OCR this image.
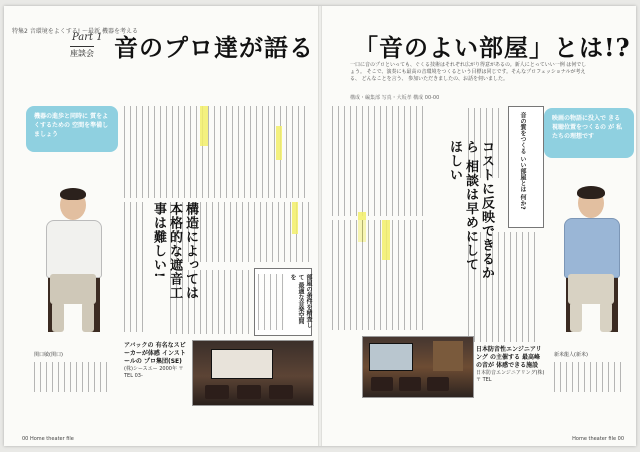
特集2 音環境をよくする! ～最新 機器を考える
Part 1
座談会 音のプロ達が語る
機器の進歩と同時に 質をよくするための 空間を準備しましょう
関口敏(関口)
構造によっては本格的な遮音工事は難しい!
部屋の条件を精査して 最適な音楽空間を
アバックの 有名なスピーカーが体感 インストールの プロ集団(SE)
(株)シースエー 2000年 〒 TEL 03-
00 Home theater file
「音のよい部屋」とは!?
一口に音のプロといっても、ぐくる技術はそれぞれ広がり得意があるの。新人にとっていい一例 は何でしょう。 そこで、演奏にも最高の音環境をつくるという目標は同じです。そんなプロフェッショナルが考える、 どんなことを言う、 参加いただきましたの、お話を伺いました。
構成・編集部 写真・大坂孝 構成 00-00
コストに反映できるから 相談は早めにしてほしい	音の質をつくる いい部屋とは 何か?	映画の物語に没入で きる 視聴位置をつくるの が 私たちの理想です
新米龍人(新米)
日本防音性エンジニアリング の主催する 最高峰の音が 体感できる施設
日本防音エンジニアリング(株) 〒 TEL
Home theater file 00
